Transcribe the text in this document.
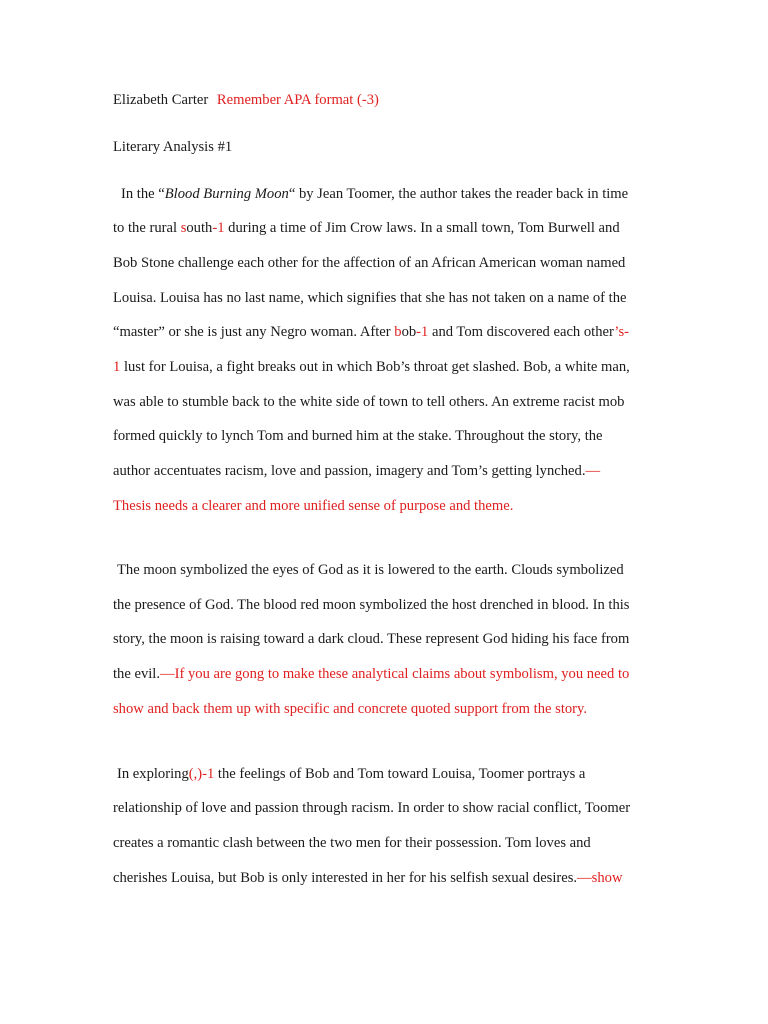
Elizabeth Carter Remember APA format (-3)

Literary Analysis #1

In the “Blood Burning Moon“ by Jean Toomer, the author takes the reader back in time

to the rural south-1 during a time of Jim Crow laws. In a small town, Tom Burwell and

Bob Stone challenge each other for the affection of an African American woman named

Louisa. Louisa has no last name, which signifies that she has not taken on a name of the

“master” or she is just any Negro woman. After bob-1 and Tom discovered each other’s-

1 lust for Louisa, a fight breaks out in which Bob’s throat get slashed. Bob, a white man,

was able to stumble back to the white side of town to tell others. An extreme racist mob

formed quickly to lynch Tom and burned him at the stake. Throughout the story, the

author accentuates racism, love and passion, imagery and Tom’s getting lynched.—

Thesis needs a clearer and more unified sense of purpose and theme.

The moon symbolized the eyes of God as it is lowered to the earth. Clouds symbolized

the presence of God. The blood red moon symbolized the host drenched in blood. In this

story, the moon is raising toward a dark cloud. These represent God hiding his face from

the evil.—If you are gong to make these analytical claims about symbolism, you need to

show and back them up with specific and concrete quoted support from the story.

In exploring(,)-1 the feelings of Bob and Tom toward Louisa, Toomer portrays a

relationship of love and passion through racism. In order to show racial conflict, Toomer

creates a romantic clash between the two men for their possession. Tom loves and

cherishes Louisa, but Bob is only interested in her for his selfish sexual desires.—show
